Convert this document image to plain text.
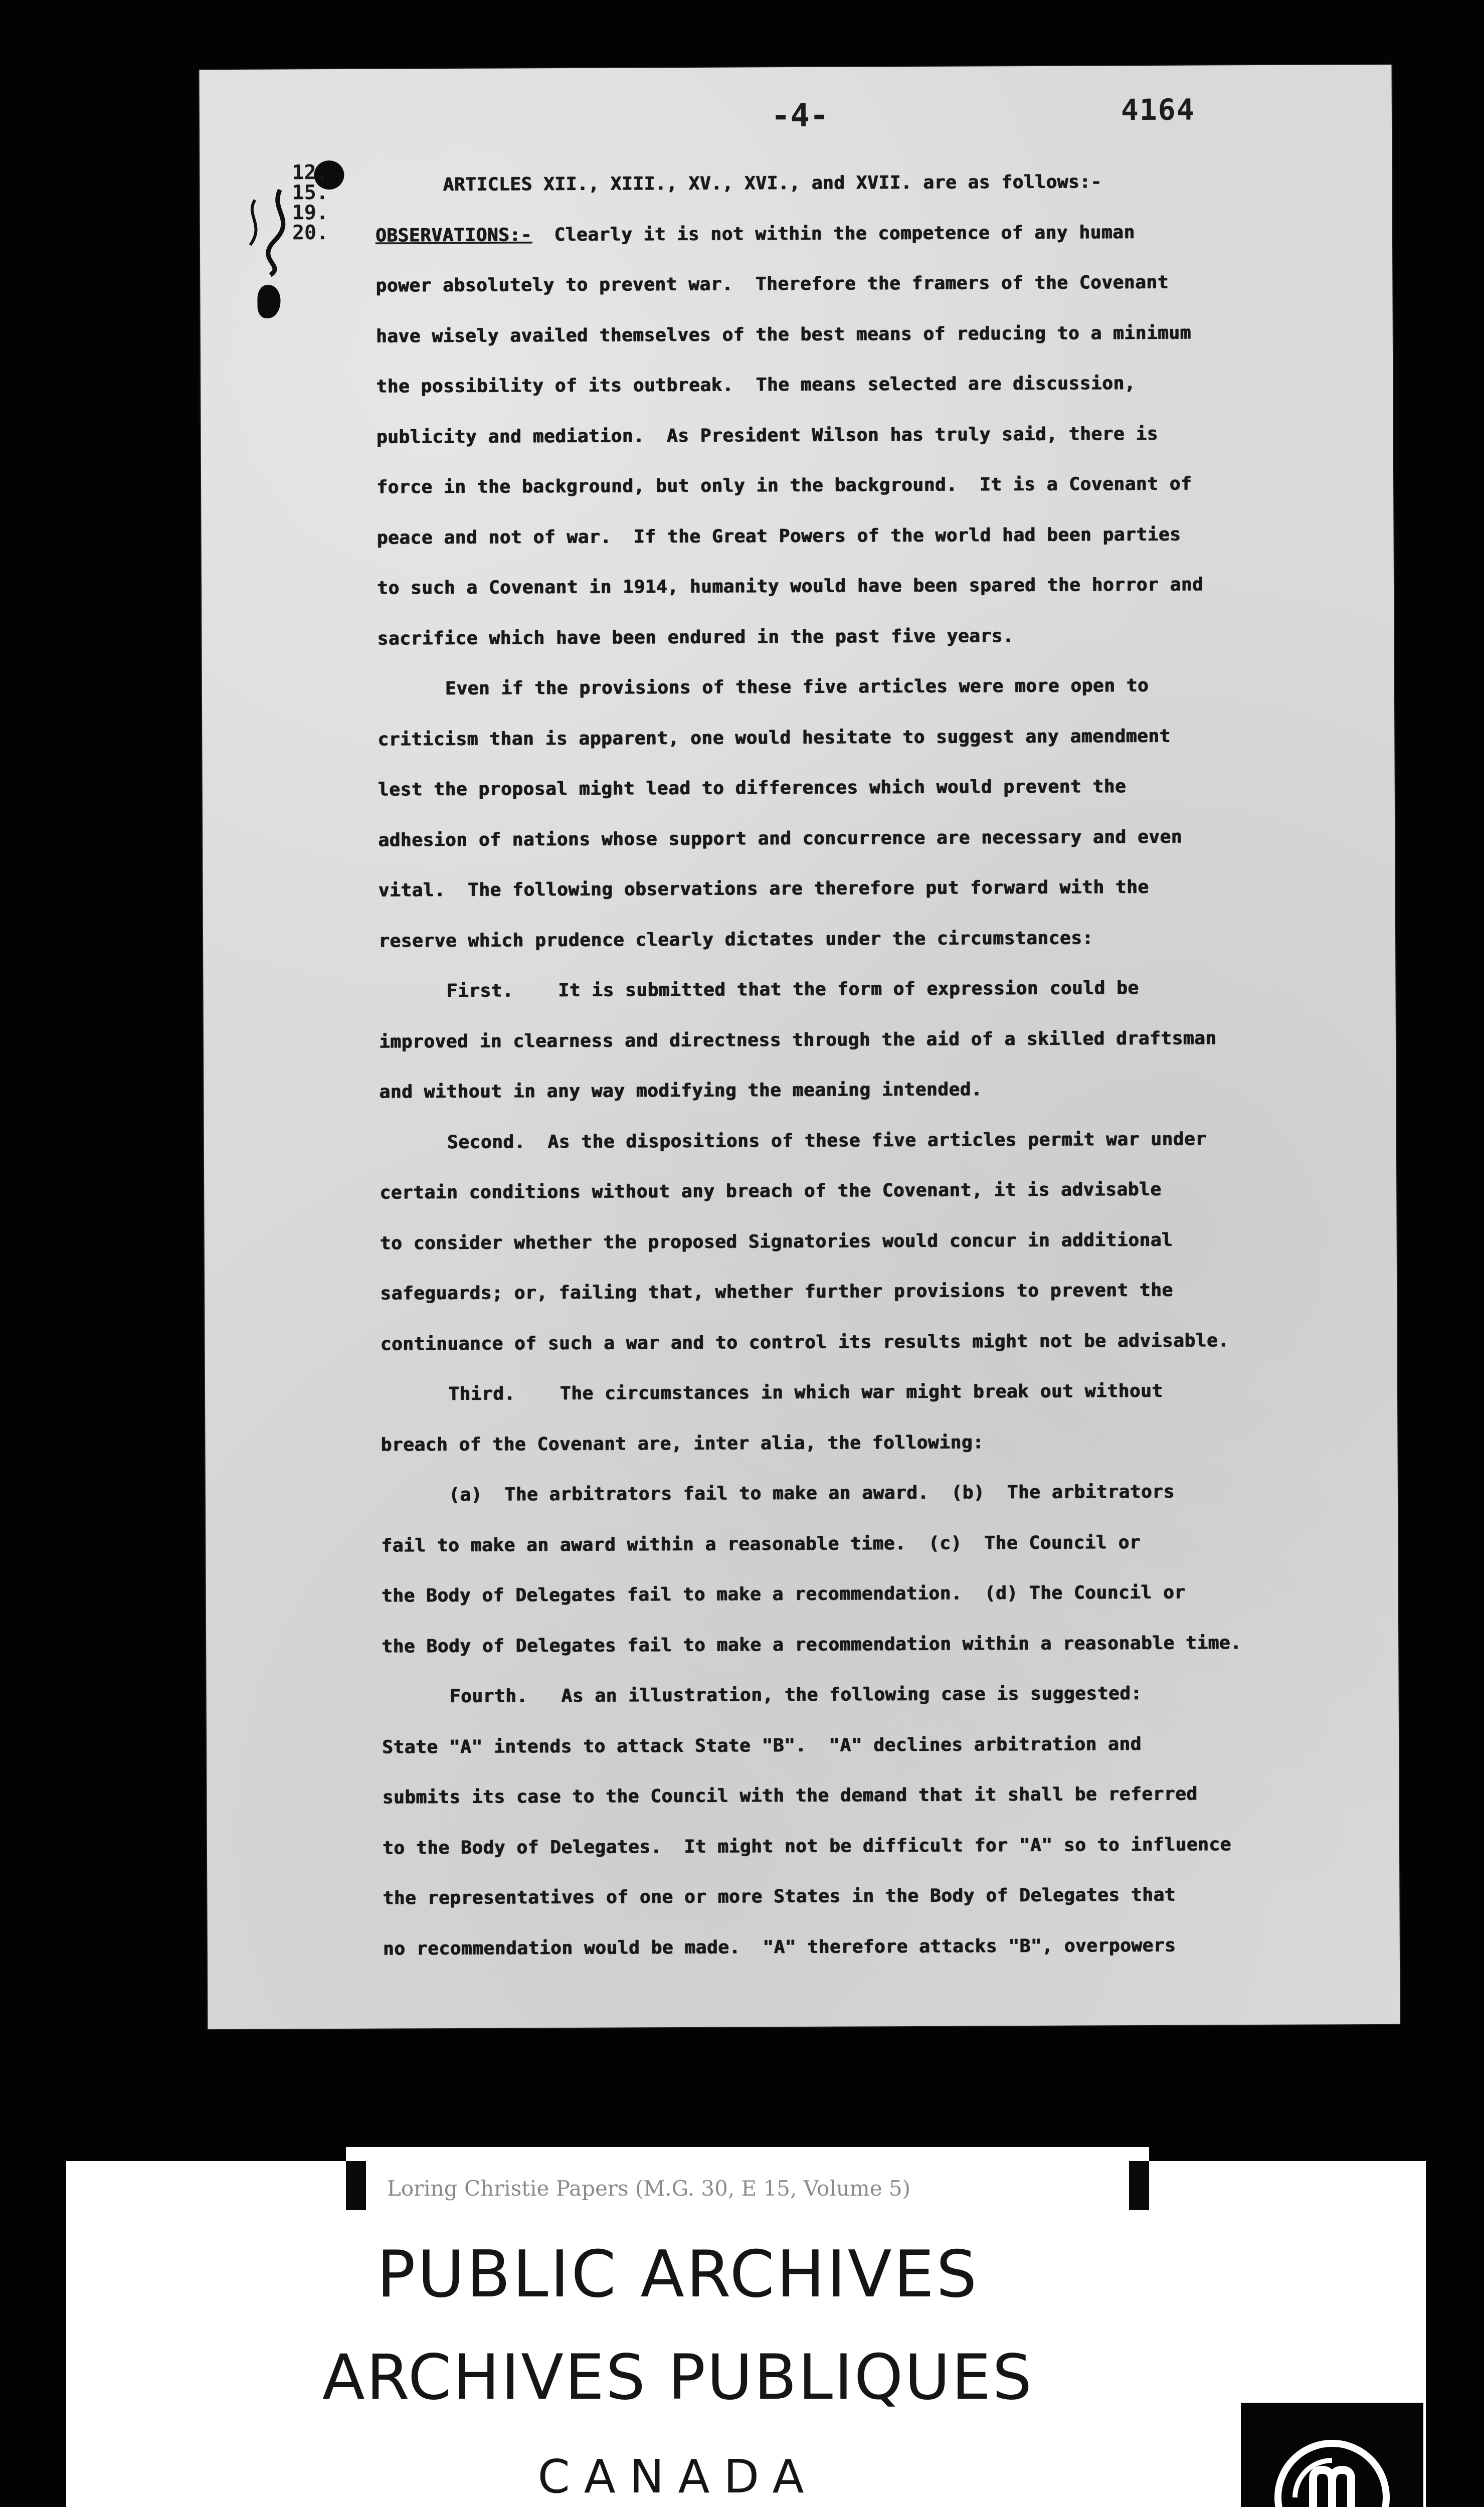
-4-	4164
12.
15.
19.
20.
ARTICLES XII., XIII., XV., XVI., and XVII. are as follows:-
OBSERVATIONS:-  Clearly it is not within the competence of any human
power absolutely to prevent war.  Therefore the framers of the Covenant
have wisely availed themselves of the best means of reducing to a minimum
the possibility of its outbreak.  The means selected are discussion,
publicity and mediation.  As President Wilson has truly said, there is
force in the background, but only in the background.  It is a Covenant of
peace and not of war.  If the Great Powers of the world had been parties
to such a Covenant in 1914, humanity would have been spared the horror and
sacrifice which have been endured in the past five years.
Even if the provisions of these five articles were more open to
criticism than is apparent, one would hesitate to suggest any amendment
lest the proposal might lead to differences which would prevent the
adhesion of nations whose support and concurrence are necessary and even
vital.  The following observations are therefore put forward with the
reserve which prudence clearly dictates under the circumstances:
First.    It is submitted that the form of expression could be
improved in clearness and directness through the aid of a skilled draftsman
and without in any way modifying the meaning intended.
Second.  As the dispositions of these five articles permit war under
certain conditions without any breach of the Covenant, it is advisable
to consider whether the proposed Signatories would concur in additional
safeguards; or, failing that, whether further provisions to prevent the
continuance of such a war and to control its results might not be advisable.
Third.    The circumstances in which war might break out without
breach of the Covenant are, inter alia, the following:
(a)  The arbitrators fail to make an award.  (b)  The arbitrators
fail to make an award within a reasonable time.  (c)  The Council or
the Body of Delegates fail to make a recommendation.  (d) The Council or
the Body of Delegates fail to make a recommendation within a reasonable time.
Fourth.   As an illustration, the following case is suggested:
State "A" intends to attack State "B".  "A" declines arbitration and
submits its case to the Council with the demand that it shall be referred
to the Body of Delegates.  It might not be difficult for "A" so to influence
the representatives of one or more States in the Body of Delegates that
no recommendation would be made.  "A" therefore attacks "B", overpowers
Loring Christie Papers (M.G. 30, E 15, Volume 5)
PUBLIC ARCHIVES
ARCHIVES PUBLIQUES
CANADA
